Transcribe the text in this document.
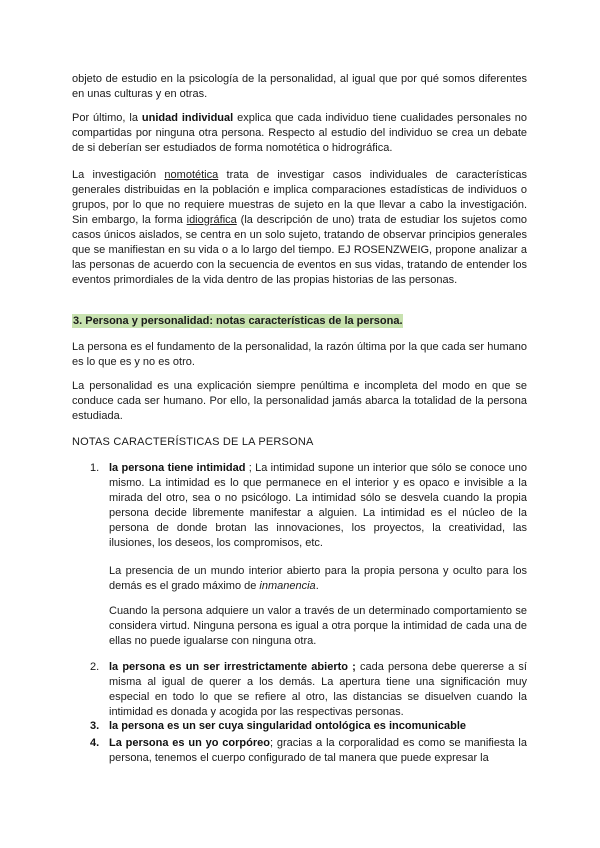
objeto de estudio en la psicología de la personalidad, al igual que por qué somos diferentes en unas culturas y en otras.

Por último, la unidad individual explica que cada individuo tiene cualidades personales no compartidas por ninguna otra persona. Respecto al estudio del individuo se crea un debate de si deberían ser estudiados de forma nomotética o hidrográfica.

La investigación nomotética trata de investigar casos individuales de características generales distribuidas en la población e implica comparaciones estadísticas de individuos o grupos, por lo que no requiere muestras de sujeto en la que llevar a cabo la investigación. Sin embargo, la forma idiográfica (la descripción de uno) trata de estudiar los sujetos como casos únicos aislados, se centra en un solo sujeto, tratando de observar principios generales que se manifiestan en su vida o a lo largo del tiempo. EJ ROSENZWEIG, propone analizar a las personas de acuerdo con la secuencia de eventos en sus vidas, tratando de entender los eventos primordiales de la vida dentro de las propias historias de las personas.

3. Persona y personalidad: notas características de la persona.

La persona es el fundamento de la personalidad, la razón última por la que cada ser humano es lo que es y no es otro.

La personalidad es una explicación siempre penúltima e incompleta del modo en que se conduce cada ser humano. Por ello, la personalidad jamás abarca la totalidad de la persona estudiada.

NOTAS CARACTERÍSTICAS DE LA PERSONA
1. la persona tiene intimidad ; La intimidad supone un interior que sólo se conoce uno mismo. La intimidad es lo que permanece en el interior y es opaco e invisible a la mirada del otro, sea o no psicólogo. La intimidad sólo se desvela cuando la propia persona decide libremente manifestar a alguien. La intimidad es el núcleo de la persona de donde brotan las innovaciones, los proyectos, la creatividad, las ilusiones, los deseos, los compromisos, etc.

La presencia de un mundo interior abierto para la propia persona y oculto para los demás es el grado máximo de inmanencia.

Cuando la persona adquiere un valor a través de un determinado comportamiento se considera virtud. Ninguna persona es igual a otra porque la intimidad de cada una de ellas no puede igualarse con ninguna otra.

2. la persona es un ser irrestrictamente abierto ; cada persona debe quererse a sí misma al igual de querer a los demás. La apertura tiene una significación muy especial en todo lo que se refiere al otro, las distancias se disuelven cuando la intimidad es donada y acogida por las respectivas personas.

3. la persona es un ser cuya singularidad ontológica es incomunicable

4. La persona es un yo corpóreo; gracias a la corporalidad es como se manifiesta la persona, tenemos el cuerpo configurado de tal manera que puede expresar la
